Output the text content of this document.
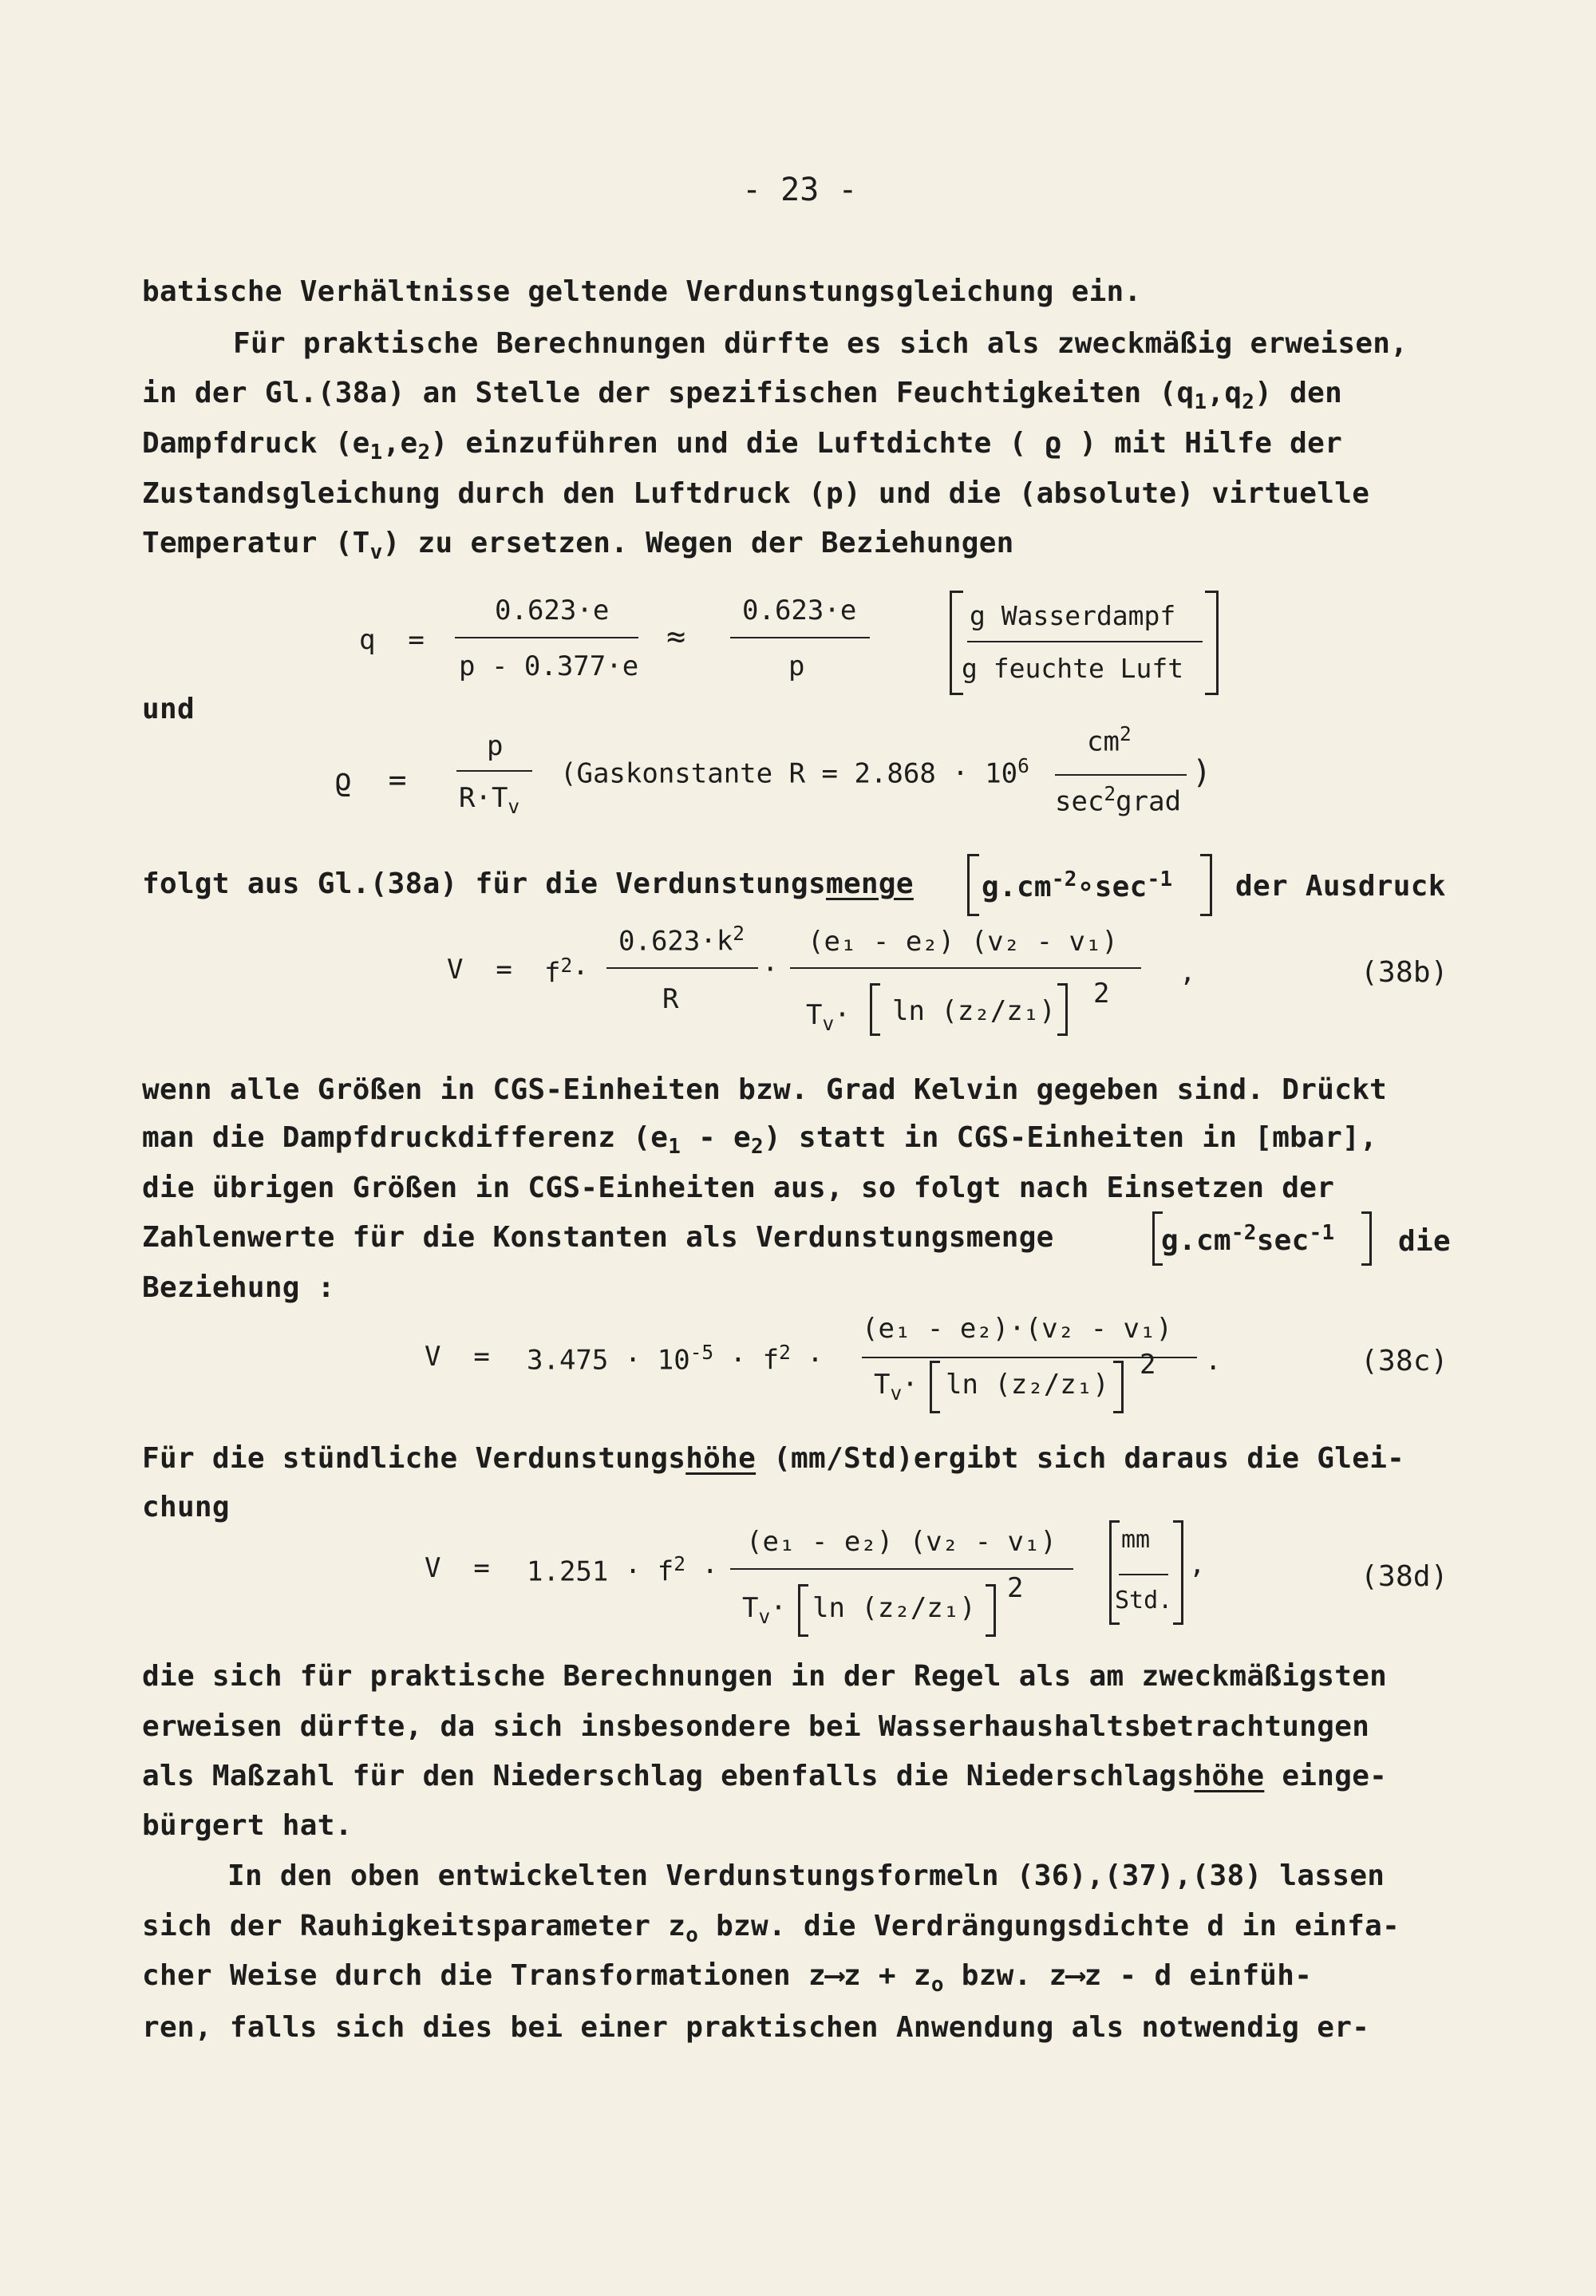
- 23 -
batische Verhältnisse geltende Verdunstungsgleichung ein.
Für praktische Berechnungen dürfte es sich als zweckmäßig erweisen,
in der Gl.(38a) an Stelle der spezifischen Feuchtigkeiten $(q_1,q_2)$ den
Dampfdruck $(e_1,e_2)$ einzuführen und die Luftdichte ( ϱ ) mit Hilfe der
Zustandsgleichung durch den Luftdruck (p) und die (absolute) virtuelle
Temperatur $(T_v)$ zu ersetzen. Wegen der Beziehungen
q  =
0.623·e
p - 0.377·e
≈
0.623·e
p
g Wasserdampf
g feuchte Luft
und
ϱ  =
p
$R\cdot T_v$
(Gaskonstante $R = 2.868 \cdot 10^6$
$cm^2$
$\sec^2grad$
)
folgt aus Gl.(38a) für die Verdunstungsmenge $g.cm^{-2}\circ\sec^{-1}$ der Ausdruck
$V = f^2\cdot$
$0.623\cdot k^2$
R
·
(e₁ - e₂) (v₂ - v₁)
$T_v\cdot \ln (z_2/z_1)$
2
,	(38b)
wenn alle Größen in CGS-Einheiten bzw. Grad Kelvin gegeben sind. Drückt
man die Dampfdruckdifferenz $(e_1 - e_2)$ statt in CGS-Einheiten in [mbar],
die übrigen Größen in CGS-Einheiten aus, so folgt nach Einsetzen der
Zahlenwerte für die Konstanten als Verdunstungsmenge	$g.cm^{-2}\sec^{-1}$ die
Beziehung :
$V = 3.475 \cdot 10^{-5} \cdot f^2$ ·
(e₁ - e₂)·(v₂ - v₁)
$T_v\cdot \ln (z_2/z_1)$
2 .	(38c)
Für die stündliche Verdunstungshöhe (mm/Std)ergibt sich daraus die Glei-
chung
$V = 1.251 \cdot f^2$ ·
(e₁ - e₂) (v₂ - v₁)
$T_v\cdot \ln (z_2/z_1)$
2
mm
Std.
,	(38d)
die sich für praktische Berechnungen in der Regel als am zweckmäßigsten
erweisen dürfte, da sich insbesondere bei Wasserhaushaltsbetrachtungen
als Maßzahl für den Niederschlag ebenfalls die Niederschlagshöhe einge-
bürgert hat.
In den oben entwickelten Verdunstungsformeln (36),(37),(38) lassen
sich der Rauhigkeitsparameter $z_o$ bzw. die Verdrängungsdichte d in einfa-
cher Weise durch die Transformationen z⟶z + $z_o$ bzw. z⟶z - d einfüh-
ren, falls sich dies bei einer praktischen Anwendung als notwendig er-
